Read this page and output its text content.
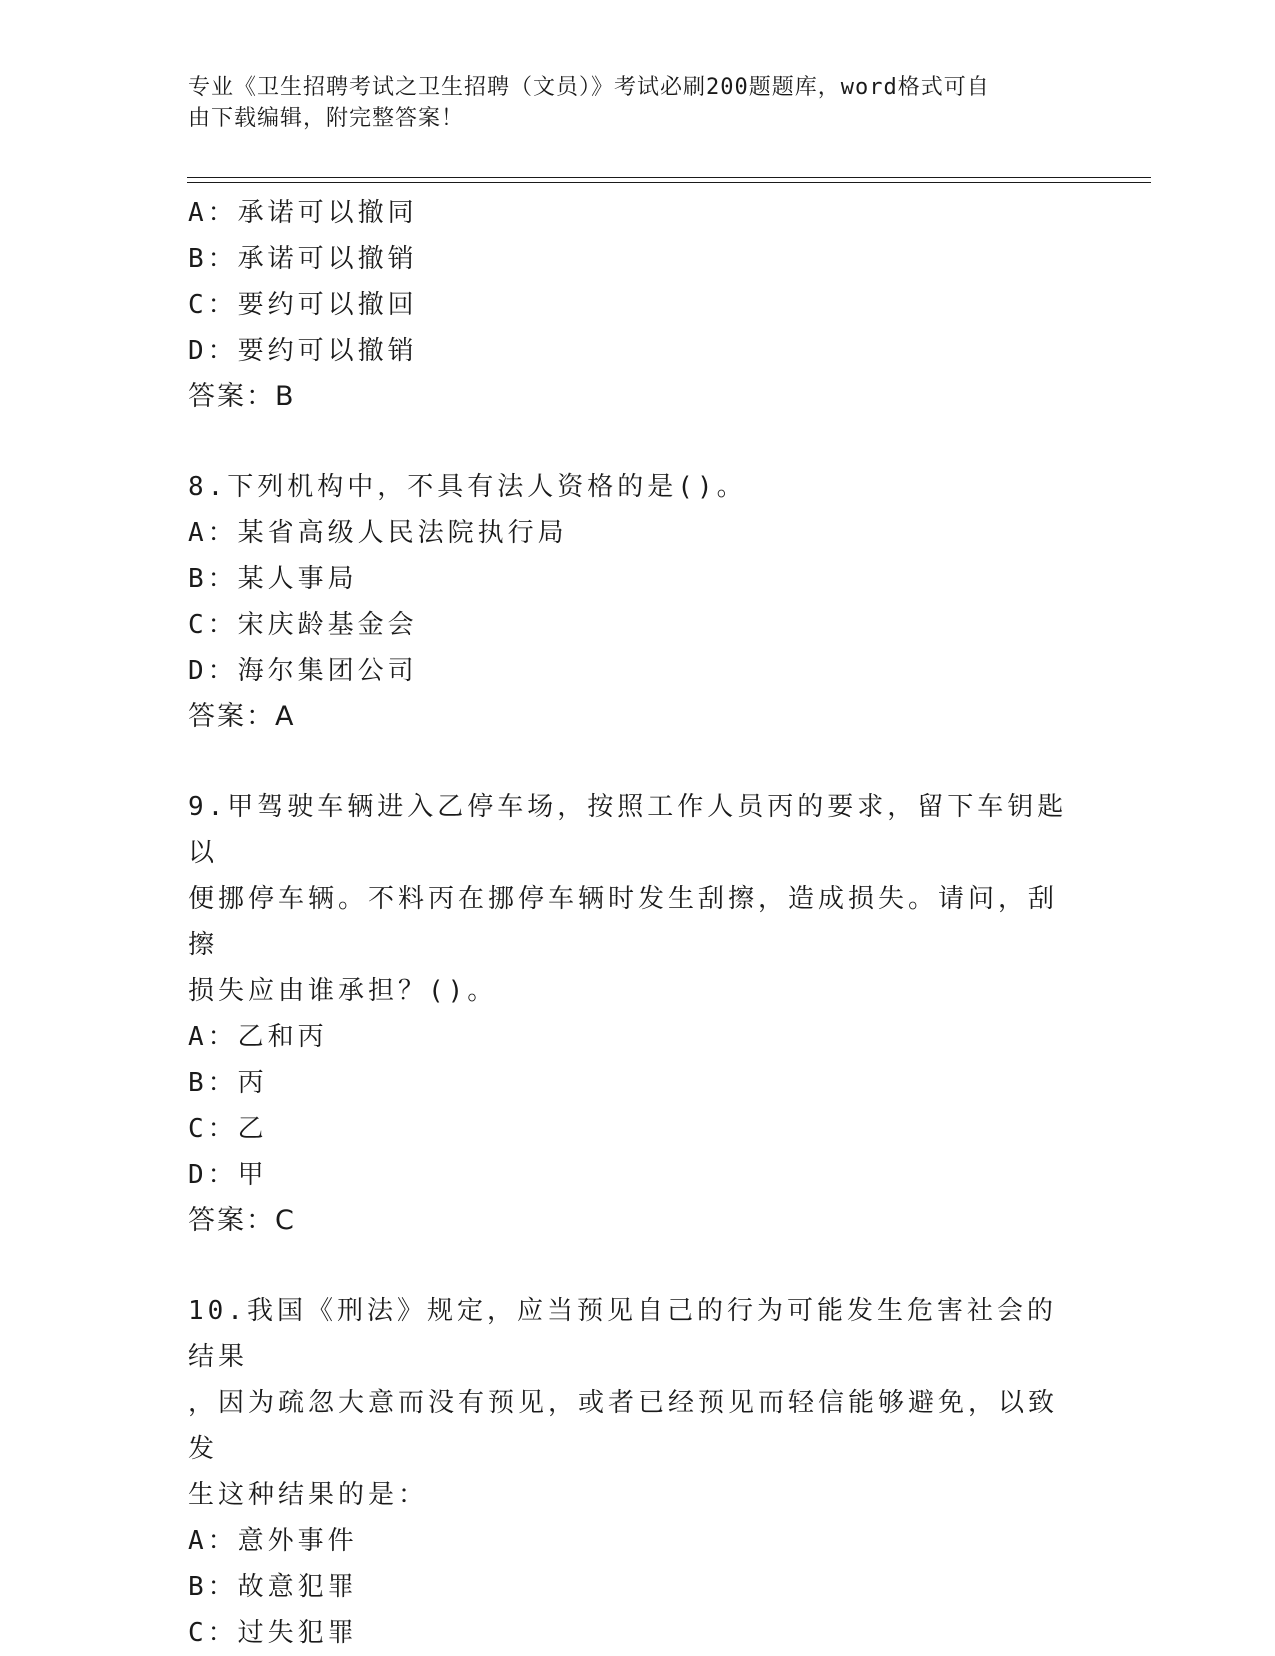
专业《卫生招聘考试之卫生招聘（文员）》考试必刷200题题库，word格式可自
由下载编辑，附完整答案！
A：承诺可以撤同
B：承诺可以撤销
C：要约可以撤回
D：要约可以撤销
答案：B
8.下列机构中，不具有法人资格的是()。
A：某省高级人民法院执行局
B：某人事局
C：宋庆龄基金会
D：海尔集团公司
答案：A
9.甲驾驶车辆进入乙停车场，按照工作人员丙的要求，留下车钥匙以
便挪停车辆。不料丙在挪停车辆时发生刮擦，造成损失。请问，刮擦
损失应由谁承担？()。
A：乙和丙
B：丙
C：乙
D：甲
答案：C
10.我国《刑法》规定，应当预见自己的行为可能发生危害社会的结果
，因为疏忽大意而没有预见，或者已经预见而轻信能够避免，以致发
生这种结果的是：
A：意外事件
B：故意犯罪
C：过失犯罪
